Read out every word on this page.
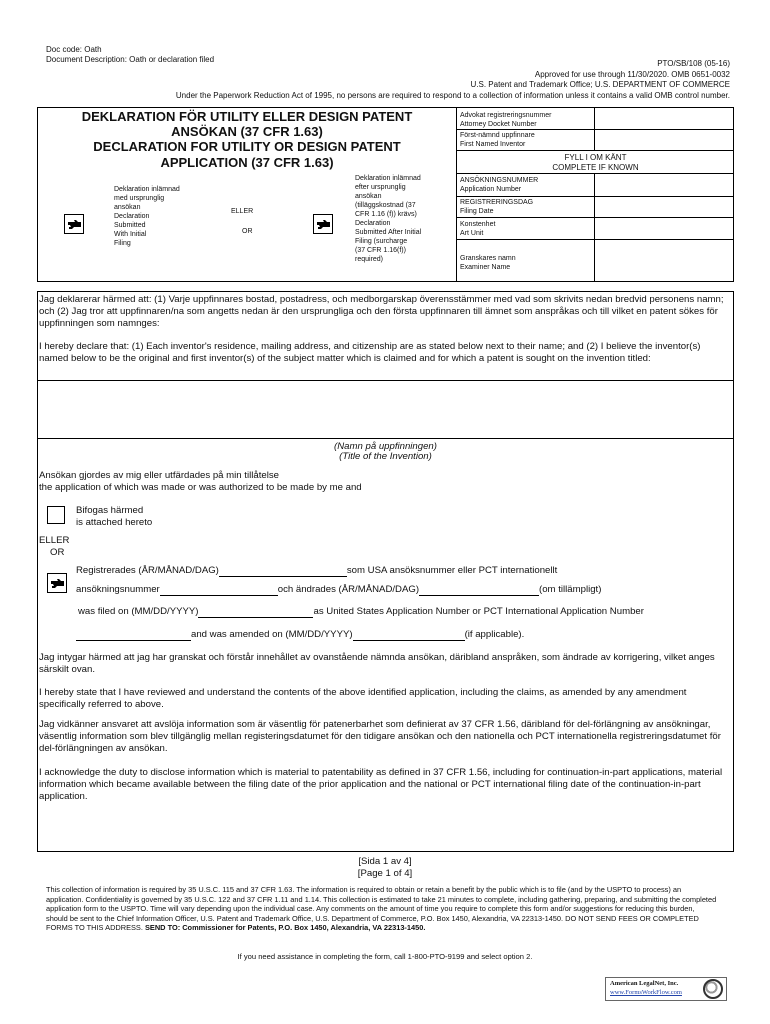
Doc code: Oath
Document Description: Oath or declaration filed	PTO/SB/108 (05-16)
Approved for use through 11/30/2020. OMB 0651-0032
U.S. Patent and Trademark Office; U.S. DEPARTMENT OF COMMERCE
Under the Paperwork Reduction Act of 1995, no persons are required to respond to a collection of information unless it contains a valid OMB control number.
DEKLARATION FÖR UTILITY ELLER DESIGN PATENT
ANSÖKAN (37 CFR 1.63)
DECLARATION FOR UTILITY OR DESIGN PATENT
APPLICATION (37 CFR 1.63)
Deklaration inlämnad
med ursprunglig
ansökan
Declaration
Submitted
With Initial
Filing
ELLER
OR
Deklaration inlämnad
efter ursprunglig
ansökan
(tilläggskostnad (37
CFR 1.16 (f)) krävs)
Declaration
Submitted After Initial
Filing (surcharge
(37 CFR 1.16(f))
required)
Advokat registreringsnummer
Attorney Docket Number
Först-nämnd uppfinnare
First Named Inventor
FYLL I OM KÄNT
COMPLETE IF KNOWN
ANSÖKNINGSNUMMER
Application Number
REGISTRERINGSDAG
Filing Date
Konstenhet
Art Unit
Granskares namn
Examiner Name
Jag deklarerar härmed att: (1) Varje uppfinnares bostad, postadress, och medborgarskap överensstämmer med vad som skrivits nedan bredvid personens namn; och (2) Jag tror att uppfinnaren/na som angetts nedan är den ursprungliga och den första uppfinnaren till ämnet som anspråkas och till vilket en patent sökes för uppfinningen som namnges:
I hereby declare that: (1) Each inventor's residence, mailing address, and citizenship are as stated below next to their name; and (2) I believe the inventor(s) named below to be the original and first inventor(s) of the subject matter which is claimed and for which a patent is sought on the invention titled:
(Namn på uppfinningen)
(Title of the Invention)
Ansökan gjordes av mig eller utfärdades på min tillåtelse
the application of which was made or was authorized to be made by me and
Bifogas härmed
is attached hereto
ELLER
OR
Registrerades (ÅR/MÅNAD/DAG)	som USA ansöksnummer eller PCT internationellt
ansökningsnummer	och ändrades (ÅR/MÅNAD/DAG)	(om tillämpligt)
was filed on (MM/DD/YYYY)	as United States Application Number or PCT International Application Number
and was amended on (MM/DD/YYYY)	(if applicable).
Jag intygar härmed att jag har granskat och förstår innehållet av ovanstående nämnda ansökan, däribland anspråken, som ändrade av korrigering, vilket anges särskilt ovan.
I hereby state that I have reviewed and understand the contents of the above identified application, including the claims, as amended by any amendment specifically referred to above.
Jag vidkänner ansvaret att avslöja information som är väsentlig för patenerbarhet som definierat av 37 CFR 1.56, däribland för del-förlängning av ansökningar, väsentlig information som blev tillgänglig mellan registeringsdatumet för den tidigare ansökan och den nationella och PCT internationella registreringsdatumet för del-förlängningen av ansökan.
I acknowledge the duty to disclose information which is material to patentability as defined in 37 CFR 1.56, including for continuation-in-part applications, material information which became available between the filing date of the prior application and the national or PCT international filing date of the continuation-in-part application.
[Sida 1 av 4]
[Page 1 of 4]
This collection of information is required by 35 U.S.C. 115 and 37 CFR 1.63. The information is required to obtain or retain a benefit by the public which is to file (and by the USPTO to process) an application. Confidentiality is governed by 35 U.S.C. 122 and 37 CFR 1.11 and 1.14. This collection is estimated to take 21 minutes to complete, including gathering, preparing, and submitting the completed application form to the USPTO. Time will vary depending upon the individual case. Any comments on the amount of time you require to complete this form and/or suggestions for reducing this burden, should be sent to the Chief Information Officer, U.S. Patent and Trademark Office, U.S. Department of Commerce, P.O. Box 1450, Alexandria, VA 22313-1450. DO NOT SEND FEES OR COMPLETED FORMS TO THIS ADDRESS. SEND TO: Commissioner for Patents, P.O. Box 1450, Alexandria, VA 22313-1450.
If you need assistance in completing the form, call 1-800-PTO-9199 and select option 2.
American LegalNet, Inc.
www.FormsWorkFlow.com
